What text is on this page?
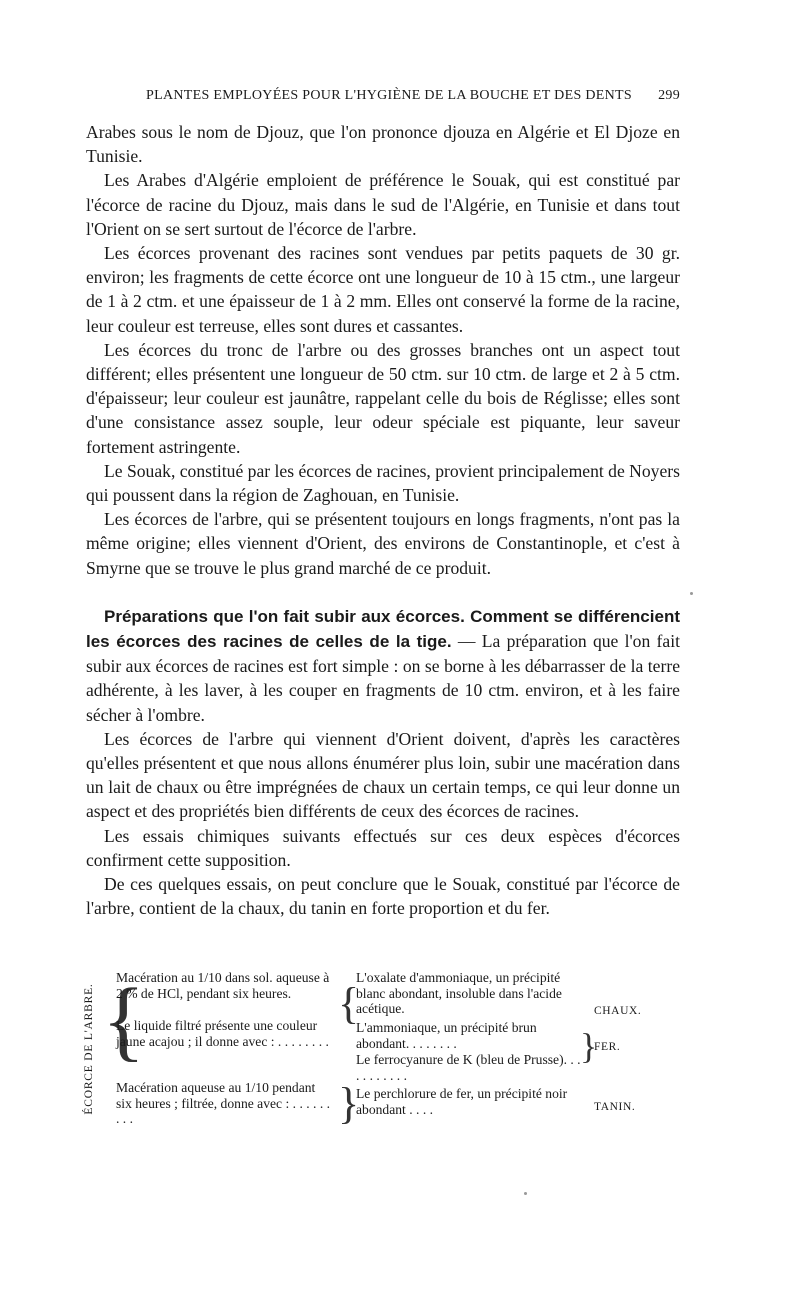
PLANTES EMPLOYÉES POUR L'HYGIÈNE DE LA BOUCHE ET DES DENTS 299

Arabes sous le nom de Djouz, que l'on prononce djouza en Algérie et El Djoze en Tunisie.

Les Arabes d'Algérie emploient de préférence le Souak, qui est constitué par l'écorce de racine du Djouz, mais dans le sud de l'Algérie, en Tunisie et dans tout l'Orient on se sert surtout de l'écorce de l'arbre.

Les écorces provenant des racines sont vendues par petits paquets de 30 gr. environ; les fragments de cette écorce ont une longueur de 10 à 15 ctm., une largeur de 1 à 2 ctm. et une épaisseur de 1 à 2 mm. Elles ont conservé la forme de la racine, leur couleur est terreuse, elles sont dures et cassantes.

Les écorces du tronc de l'arbre ou des grosses branches ont un aspect tout différent; elles présentent une longueur de 50 ctm. sur 10 ctm. de large et 2 à 5 ctm. d'épaisseur; leur couleur est jaunâtre, rappelant celle du bois de Réglisse; elles sont d'une consistance assez souple, leur odeur spéciale est piquante, leur saveur fortement astringente.

Le Souak, constitué par les écorces de racines, provient principalement de Noyers qui poussent dans la région de Zaghouan, en Tunisie.

Les écorces de l'arbre, qui se présentent toujours en longs fragments, n'ont pas la même origine; elles viennent d'Orient, des environs de Constantinople, et c'est à Smyrne que se trouve le plus grand marché de ce produit.

Préparations que l'on fait subir aux écorces. Comment se différencient les écorces des racines de celles de la tige. — La préparation que l'on fait subir aux écorces de racines est fort simple : on se borne à les débarrasser de la terre adhérente, à les laver, à les couper en fragments de 10 ctm. environ, et à les faire sécher à l'ombre.

Les écorces de l'arbre qui viennent d'Orient doivent, d'après les caractères qu'elles présentent et que nous allons énumérer plus loin, subir une macération dans un lait de chaux ou être imprégnées de chaux un certain temps, ce qui leur donne un aspect et des propriétés bien différents de ceux des écorces de racines.

Les essais chimiques suivants effectués sur ces deux espèces d'écorces confirment cette supposition.

De ces quelques essais, on peut conclure que le Souak, constitué par l'écorce de l'arbre, contient de la chaux, du tanin en forte proportion et du fer.

ÉCORCE DE L'ARBRE. {
Macération au 1/10 dans sol. aqueuse à 2 % de HCl, pendant six heures.
Le liquide filtré présente une couleur jaune acajou ; il donne avec : . . . . . . . .
Macération aqueuse au 1/10 pendant six heures ; filtrée, donne avec : . . . . . . . . .
{
}
L'oxalate d'ammoniaque, un précipité blanc abondant, insoluble dans l'acide acétique.
L'ammoniaque, un précipité brun abondant. . . . . . . .
Le ferrocyanure de K (bleu de Prusse). . . . . . . . . . .
Le perchlorure de fer, un précipité noir abondant . . . .
}
CHAUX.
FER.
TANIN.
